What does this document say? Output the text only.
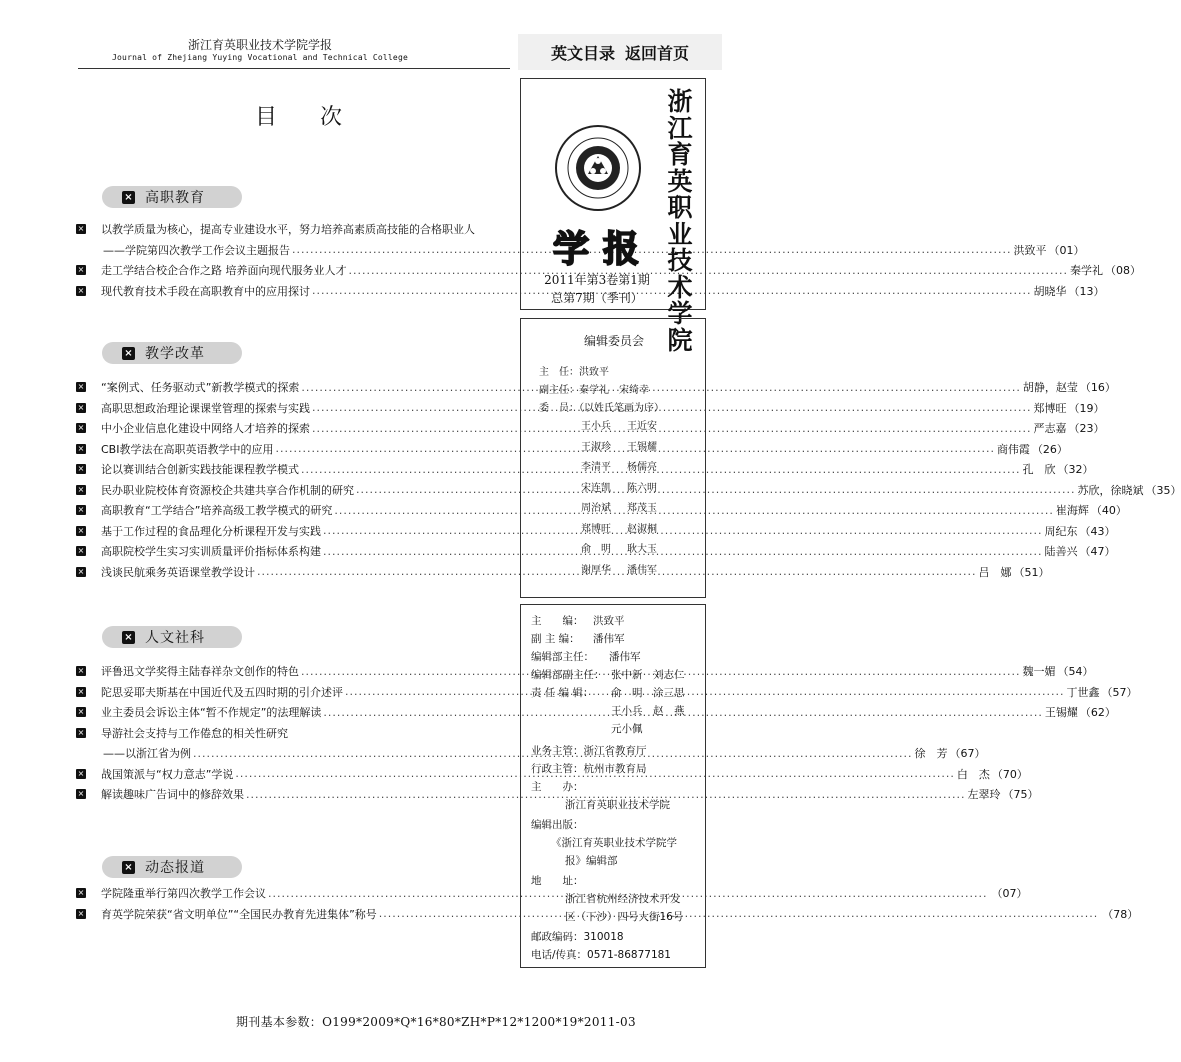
浙江育英职业技术学院学报
Journal of Zhejiang Yuying Vocational and Technical College	英文目录 返回首页
目 次
× 高职教育
× 以教学质量为核心，提高专业建设水平，努力培养高素质高技能的合格职业人
——学院第四次教学工作会议主题报告 .....	洪致平 （01）
× 走工学结合校企合作之路 培养面向现代服务业人才 .....	秦学礼 （08）
× 现代教育技术手段在高职教育中的应用探讨 .....	胡晓华 （13）
× 教学改革
× “案例式、任务驱动式”新教学模式的探索 .....	胡静，赵莹 （16）
× 高职思想政治理论课课堂管理的探索与实践 .....	郑博旺 （19）
× 中小企业信息化建设中网络人才培养的探索 .....	严志嘉 （23）
× CBI教学法在高职英语教学中的应用 .....	商伟霞 （26）
× 论以赛训结合创新实践技能课程教学模式 .....	孔　欣 （32）
× 民办职业院校体育资源校企共建共享合作机制的研究 .....	苏欣，徐晓斌 （35）
× 高职教育“工学结合”培养高级工教学模式的研究 .....	崔海辉 （40）
× 基于工作过程的食品理化分析课程开发与实践 .....	周纪东 （43）
× 高职院校学生实习实训质量评价指标体系构建 .....	陆善兴 （47）
× 浅谈民航乘务英语课堂教学设计 .....	吕　娜 （51）
× 人文社科
× 评鲁迅文学奖得主陆春祥杂文创作的特色 .....	魏一媚 （54）
× 陀思妥耶夫斯基在中国近代及五四时期的引介述评 .....	丁世鑫 （57）
× 业主委员会诉讼主体“暂不作规定”的法理解读 .....	王锡耀 （62）
× 导游社会支持与工作倦怠的相关性研究
——以浙江省为例 .....	徐　芳 （67）
× 战国策派与“权力意志”学说 .....	白　杰 （70）
× 解读趣味广告词中的修辞效果 .....	左翠玲 （75）
× 动态报道
× 学院隆重举行第四次教学工作会议 .....	（07）
× 育英学院荣获“省文明单位”“全国民办教育先进集体”称号 .....	（78）
浙江育英职业技术学院
学报
2011年第3卷第1期
总第7期（季刊）
编辑委员会
主　任：洪致平
副主任：秦学礼　宋绮幸
委　员：（以姓氏笔画为序）
王小兵 王近安
王淑珍 王锡耀
李清平 杨儒亮
宋连凯 陈六明
周治斌 郑茂玉
郑博旺 赵淑桐
俞　明 耿大玉
谢厚华 潘伟军
主　　编： 洪致平
副 主 编： 潘伟军
编辑部主任： 潘伟军
编辑部副主任： 张中新　刘志仁
责 任 编 辑： 俞　明　涂三思
王小兵　赵　燕
元小佩
业务主管：浙江省教育厅
行政主管：杭州市教育局
主　　办：
浙江育英职业技术学院
编辑出版：
《浙江育英职业技术学院学
报》编辑部
地　　址：
浙江省杭州经济技术开发
区（下沙）四号大街16号
邮政编码：310018
电话/传真：0571-86877181
期刊基本参数：O199*2009*Q*16*80*ZH*P*12*1200*19*2011-03
